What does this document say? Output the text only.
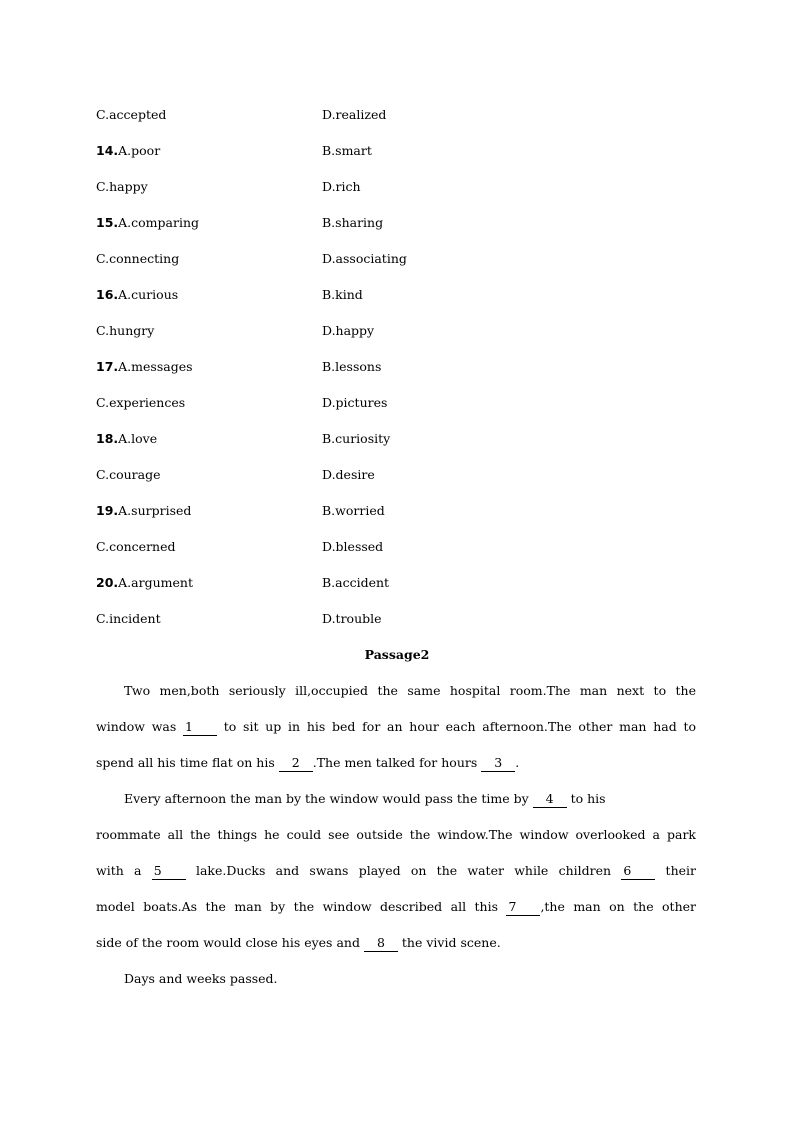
C.accepted	D.realized
14.A.poor	B.smart
C.happy	D.rich
15.A.comparing	B.sharing
C.connecting	D.associating
16.A.curious	B.kind
C.hungry	D.happy
17.A.messages	B.lessons
C.experiences	D.pictures
18.A.love	B.curiosity
C.courage	D.desire
19.A.surprised	B.worried
C.concerned	D.blessed
20.A.argument	B.accident
C.incident	D.trouble
Passage2
Two men,both seriously ill,occupied the same hospital room.The man next to the
window was 1 to sit up in his bed for an hour each afternoon.The other man had to
spend all his time flat on his 2 .The men talked for hours 3 .
Every afternoon the man by the window would pass the time by 4 to his
roommate all the things he could see outside the window.The window overlooked a park
with a 5 lake.Ducks and swans played on the water while children 6 their
model boats.As the man by the window described all this 7 ,the man on the other
side of the room would close his eyes and 8 the vivid scene.
Days and weeks passed.
